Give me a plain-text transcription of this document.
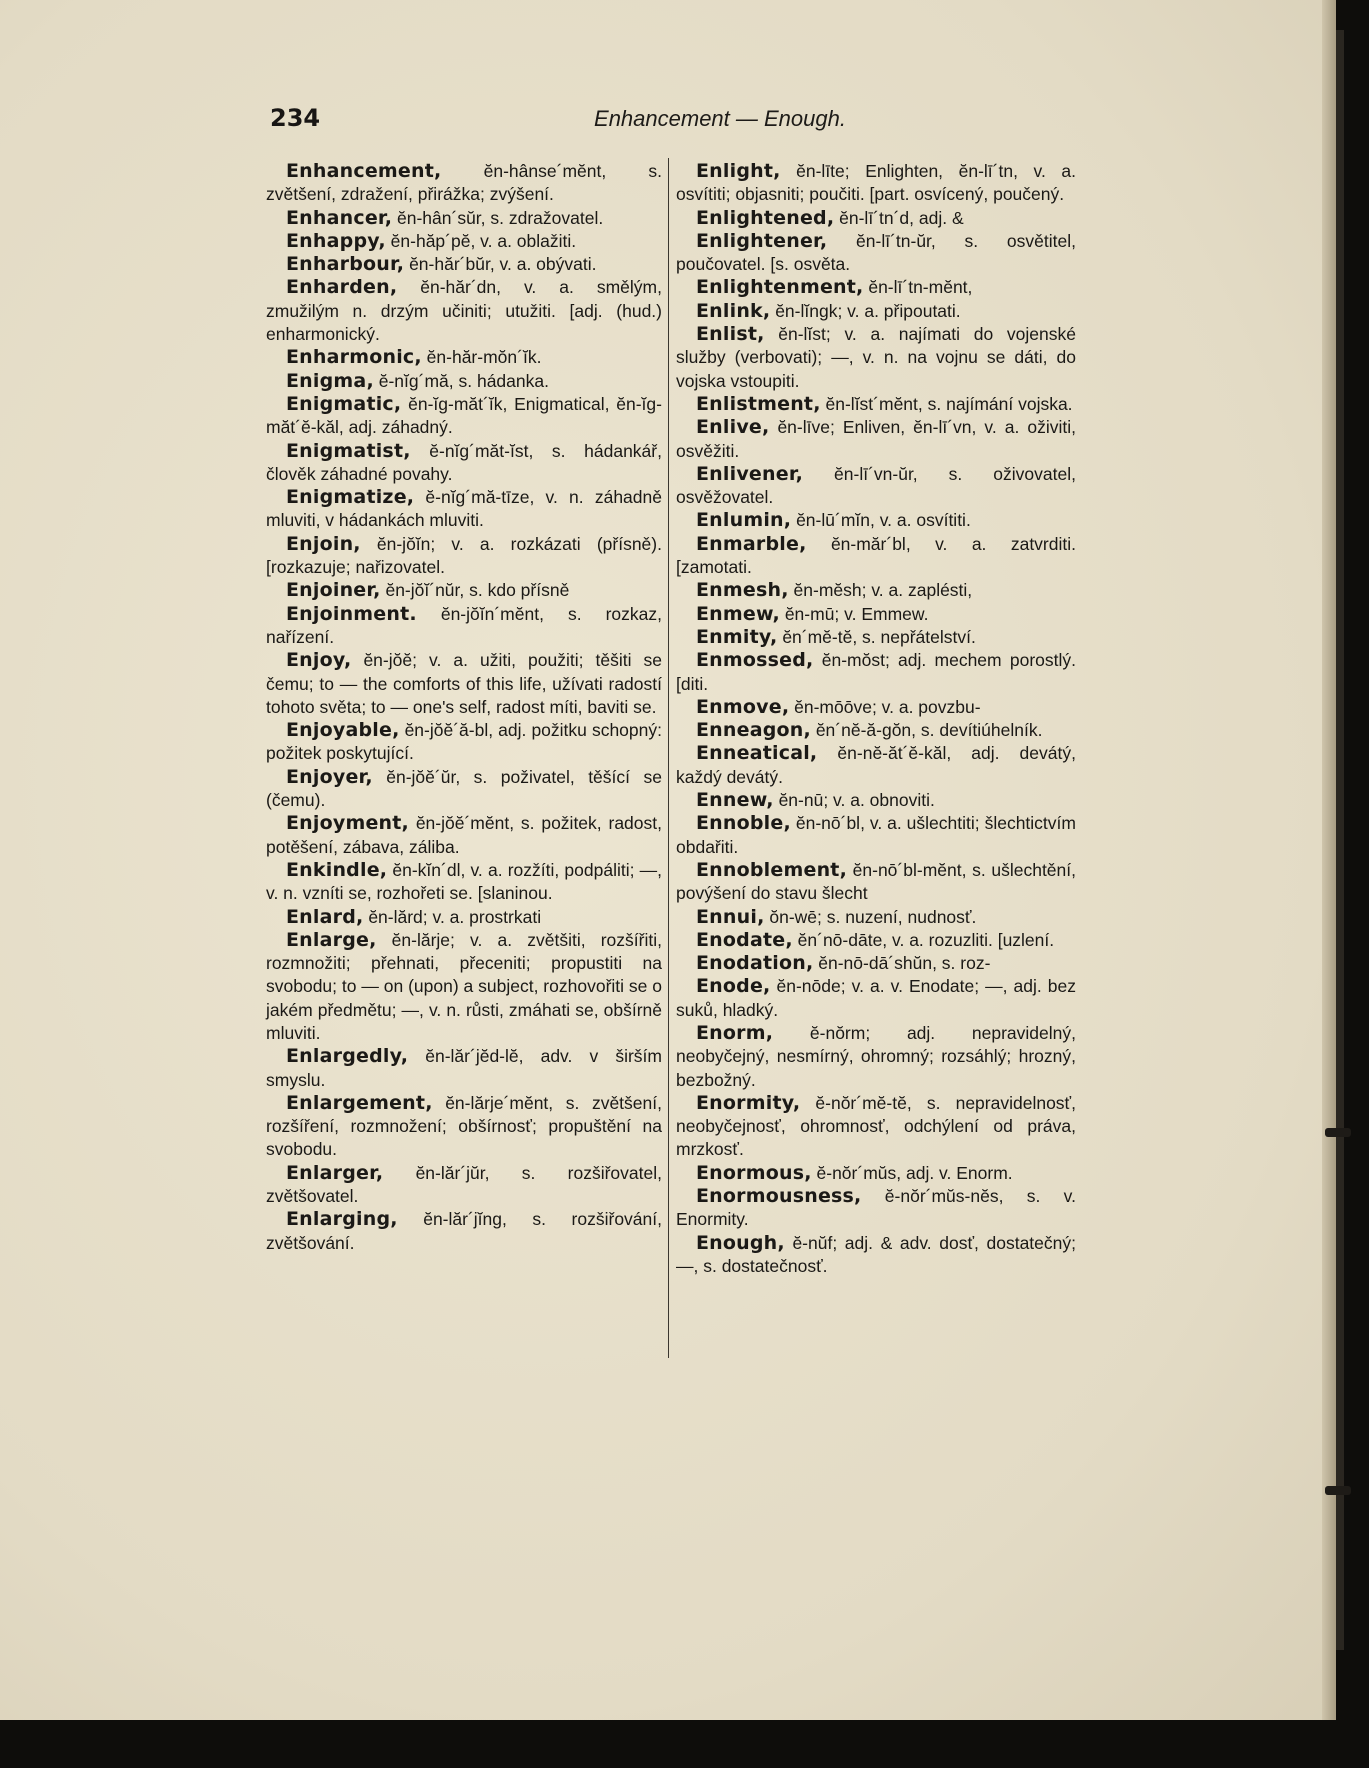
234	Enhancement — Enough.

Enhancement, ĕn-hânse´mĕnt, s. zvětšení, zdražení, přirážka; zvýšení.

Enhancer, ĕn-hân´sŭr, s. zdražovatel.

Enhappy, ĕn-hăp´pĕ, v. a. oblažiti.

Enharbour, ĕn-hăr´bŭr, v. a. obývati.

Enharden, ĕn-hăr´dn, v. a. smělým, zmužilým n. drzým učiniti; utužiti. [adj. (hud.) enharmonický.

Enharmonic, ĕn-hăr-mŏn´ĭk.

Enigma, ĕ-nĭg´mă, s. hádanka.

Enigmatic, ĕn-ĭg-măt´ĭk, Enigmatical, ĕn-ĭg-măt´ĕ-kăl, adj. záhadný.

Enigmatist, ĕ-nĭg´măt-ĭst, s. hádankář, člověk záhadné povahy.

Enigmatize, ĕ-nĭg´mă-tīze, v. n. záhadně mluviti, v hádankách mluviti.

Enjoin, ĕn-jŏĭn; v. a. rozkázati (přísně). [rozkazuje; nařizovatel.

Enjoiner, ĕn-jŏĭ´nŭr, s. kdo přísně

Enjoinment. ĕn-jŏĭn´mĕnt, s. rozkaz, nařízení.

Enjoy, ĕn-jŏĕ; v. a. užiti, použiti; těšiti se čemu; to — the comforts of this life, užívati radostí tohoto světa; to — one's self, radost míti, baviti se.

Enjoyable, ĕn-jŏĕ´ă-bl, adj. požitku schopný: požitek poskytující.

Enjoyer, ĕn-jŏĕ´ŭr, s. poživatel, těšící se (čemu).

Enjoyment, ĕn-jŏĕ´mĕnt, s. požitek, radost, potěšení, zábava, záliba.

Enkindle, ĕn-kĭn´dl, v. a. rozžíti, podpáliti; —, v. n. vzníti se, rozhořeti se. [slaninou.

Enlard, ĕn-lărd; v. a. prostrkati

Enlarge, ĕn-lărje; v. a. zvětšiti, rozšířiti, rozmnožiti; přehnati, přeceniti; propustiti na svobodu; to — on (upon) a subject, rozhovořiti se o jakém předmětu; —, v. n. růsti, zmáhati se, obšírně mluviti.

Enlargedly, ĕn-lăr´jĕd-lĕ, adv. v širším smyslu.

Enlargement, ĕn-lărje´mĕnt, s. zvětšení, rozšíření, rozmnožení; obšírnosť; propuštění na svobodu.

Enlarger, ĕn-lăr´jŭr, s. rozšiřovatel, zvětšovatel.

Enlarging, ĕn-lăr´jĭng, s. rozšiřování, zvětšování.

Enlight, ĕn-līte; Enlighten, ĕn-lī´tn, v. a. osvítiti; objasniti; poučiti. [part. osvícený, poučený.

Enlightened, ĕn-lī´tn´d, adj. &

Enlightener, ĕn-lī´tn-ŭr, s. osvětitel, poučovatel. [s. osvěta.

Enlightenment, ĕn-lī´tn-mĕnt,

Enlink, ĕn-lĭngk; v. a. připoutati.

Enlist, ĕn-lĭst; v. a. najímati do vojenské služby (verbovati); —, v. n. na vojnu se dáti, do vojska vstoupiti.

Enlistment, ĕn-lĭst´mĕnt, s. najímání vojska.

Enlive, ĕn-līve; Enliven, ĕn-lī´vn, v. a. oživiti, osvěžiti.

Enlivener, ĕn-lī´vn-ŭr, s. oživovatel, osvěžovatel.

Enlumin, ĕn-lū´mĭn, v. a. osvítiti.

Enmarble, ĕn-măr´bl, v. a. zatvrditi. [zamotati.

Enmesh, ĕn-mĕsh; v. a. zaplésti,

Enmew, ĕn-mū; v. Emmew.

Enmity, ĕn´mĕ-tĕ, s. nepřátelství.

Enmossed, ĕn-mŏst; adj. mechem porostlý. [diti.

Enmove, ĕn-mōōve; v. a. povzbu-

Enneagon, ĕn´nĕ-ă-gŏn, s. devítiúhelník.

Enneatical, ĕn-nĕ-ăt´ĕ-kăl, adj. devátý, každý devátý.

Ennew, ĕn-nū; v. a. obnoviti.

Ennoble, ĕn-nō´bl, v. a. ušlechtiti; šlechtictvím obdařiti.

Ennoblement, ĕn-nō´bl-mĕnt, s. ušlechtění, povýšení do stavu šlecht

Ennui, ŏn-wē; s. nuzení, nudnosť.

Enodate, ĕn´nō-dāte, v. a. rozuzliti. [uzlení.

Enodation, ĕn-nō-dā´shŭn, s. roz-

Enode, ĕn-nōde; v. a. v. Enodate; —, adj. bez suků, hladký.

Enorm, ĕ-nŏrm; adj. nepravidelný, neobyčejný, nesmírný, ohromný; rozsáhlý; hrozný, bezbožný.

Enormity, ĕ-nŏr´mĕ-tĕ, s. nepravidelnosť, neobyčejnosť, ohromnosť, odchýlení od práva, mrzkosť.

Enormous, ĕ-nŏr´mŭs, adj. v. Enorm.

Enormousness, ĕ-nŏr´mŭs-nĕs, s. v. Enormity.

Enough, ĕ-nŭf; adj. & adv. dosť, dostatečný; —, s. dostatečnosť.
